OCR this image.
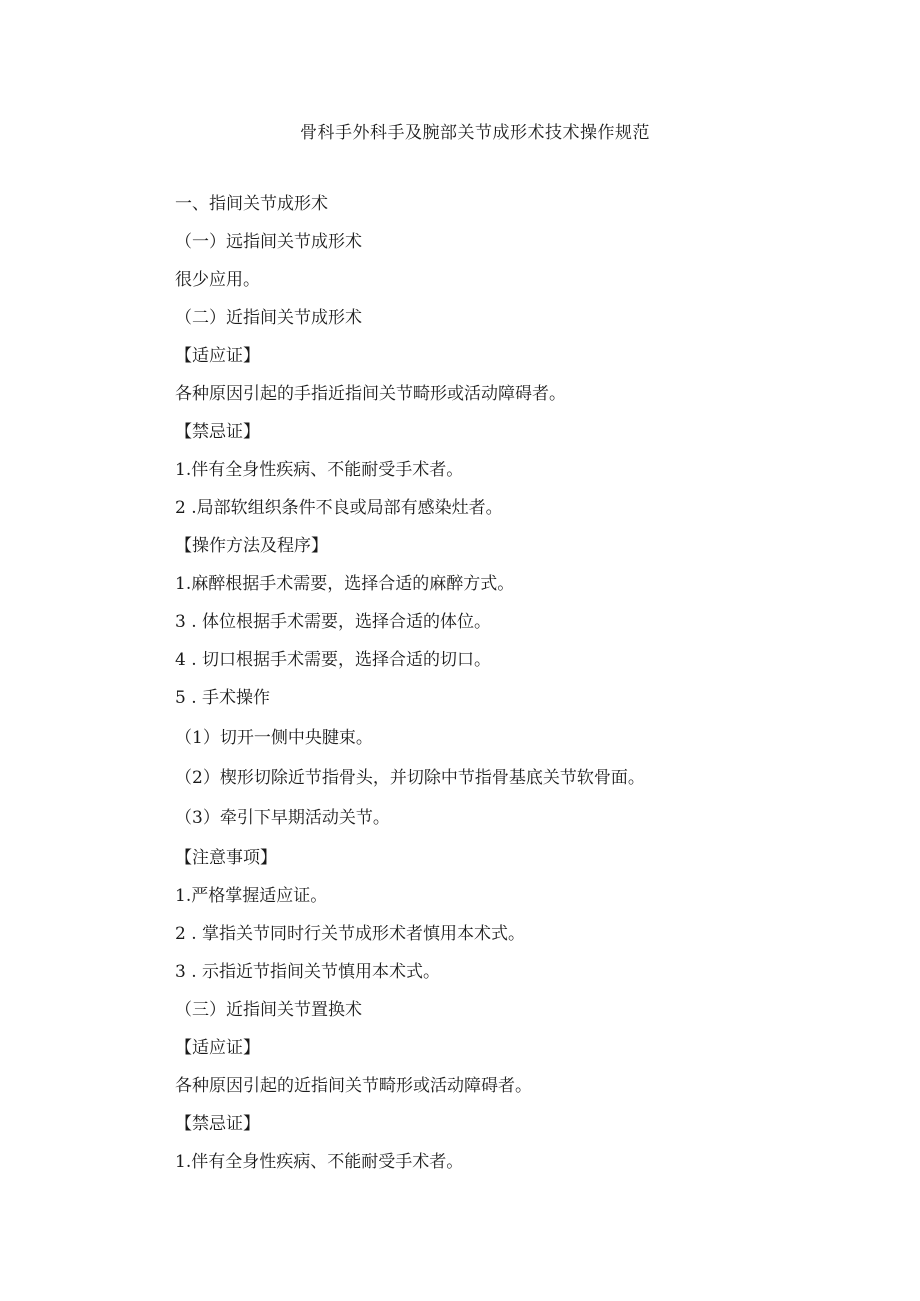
骨科手外科手及腕部关节成形术技术操作规范

一、指间关节成形术

（一）远指间关节成形术

很少应用。

（二）近指间关节成形术

【适应证】

各种原因引起的手指近指间关节畸形或活动障碍者。

【禁忌证】

1.伴有全身性疾病、不能耐受手术者。

2 .局部软组织条件不良或局部有感染灶者。

【操作方法及程序】

1.麻醉根据手术需要，选择合适的麻醉方式。

3 . 体位根据手术需要，选择合适的体位。

4 . 切口根据手术需要，选择合适的切口。

5 . 手术操作

（1）切开一侧中央腱束。

（2）楔形切除近节指骨头，并切除中节指骨基底关节软骨面。

（3）牵引下早期活动关节。

【注意事项】

1.严格掌握适应证。

2 . 掌指关节同时行关节成形术者慎用本术式。

3 . 示指近节指间关节慎用本术式。

（三）近指间关节置换术

【适应证】

各种原因引起的近指间关节畸形或活动障碍者。

【禁忌证】

1.伴有全身性疾病、不能耐受手术者。
